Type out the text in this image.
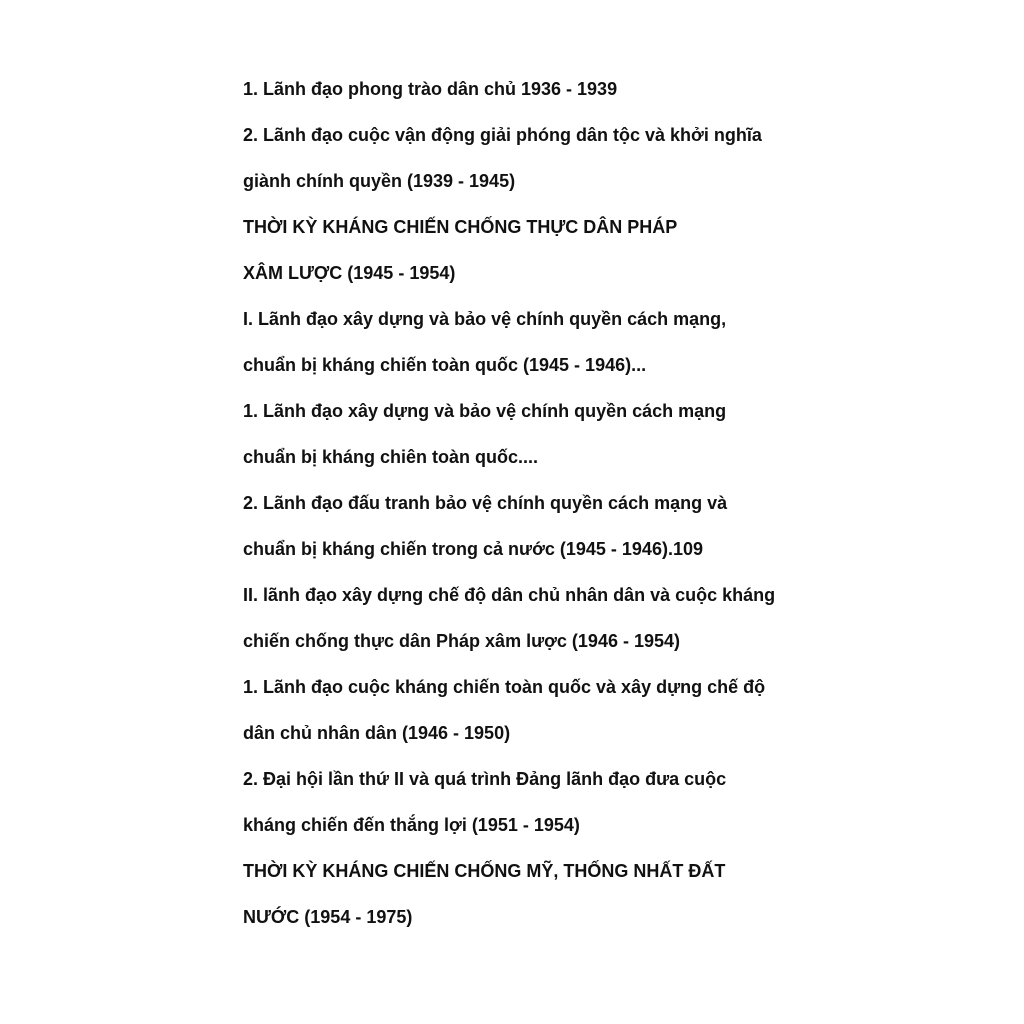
1. Lãnh đạo phong trào dân chủ 1936 - 1939
2. Lãnh đạo cuộc vận động giải phóng dân tộc và khởi nghĩa
giành chính quyền (1939 - 1945)
THỜI KỲ KHÁNG CHIẾN CHỐNG THỰC DÂN PHÁP
XÂM LƯỢC (1945 - 1954)
I. Lãnh đạo xây dựng và bảo vệ chính quyền cách mạng,
chuẩn bị kháng chiến toàn quốc (1945 - 1946)...
1. Lãnh đạo xây dựng và bảo vệ chính quyền cách mạng
chuẩn bị kháng chiên toàn quốc....
2. Lãnh đạo đấu tranh bảo vệ chính quyền cách mạng và
chuẩn bị kháng chiến trong cả nước (1945 - 1946).109
II. lãnh đạo xây dựng chế độ dân chủ nhân dân và cuộc kháng
chiến chống thực dân Pháp xâm lược (1946 - 1954)
1. Lãnh đạo cuộc kháng chiến toàn quốc và xây dựng chế độ
dân chủ nhân dân (1946 - 1950)
2. Đại hội lần thứ II và quá trình Đảng lãnh đạo đưa cuộc
kháng chiến đến thắng lợi (1951 - 1954)
THỜI KỲ KHÁNG CHIẾN CHỐNG MỸ, THỐNG NHẤT ĐẤT
NƯỚC (1954 - 1975)
